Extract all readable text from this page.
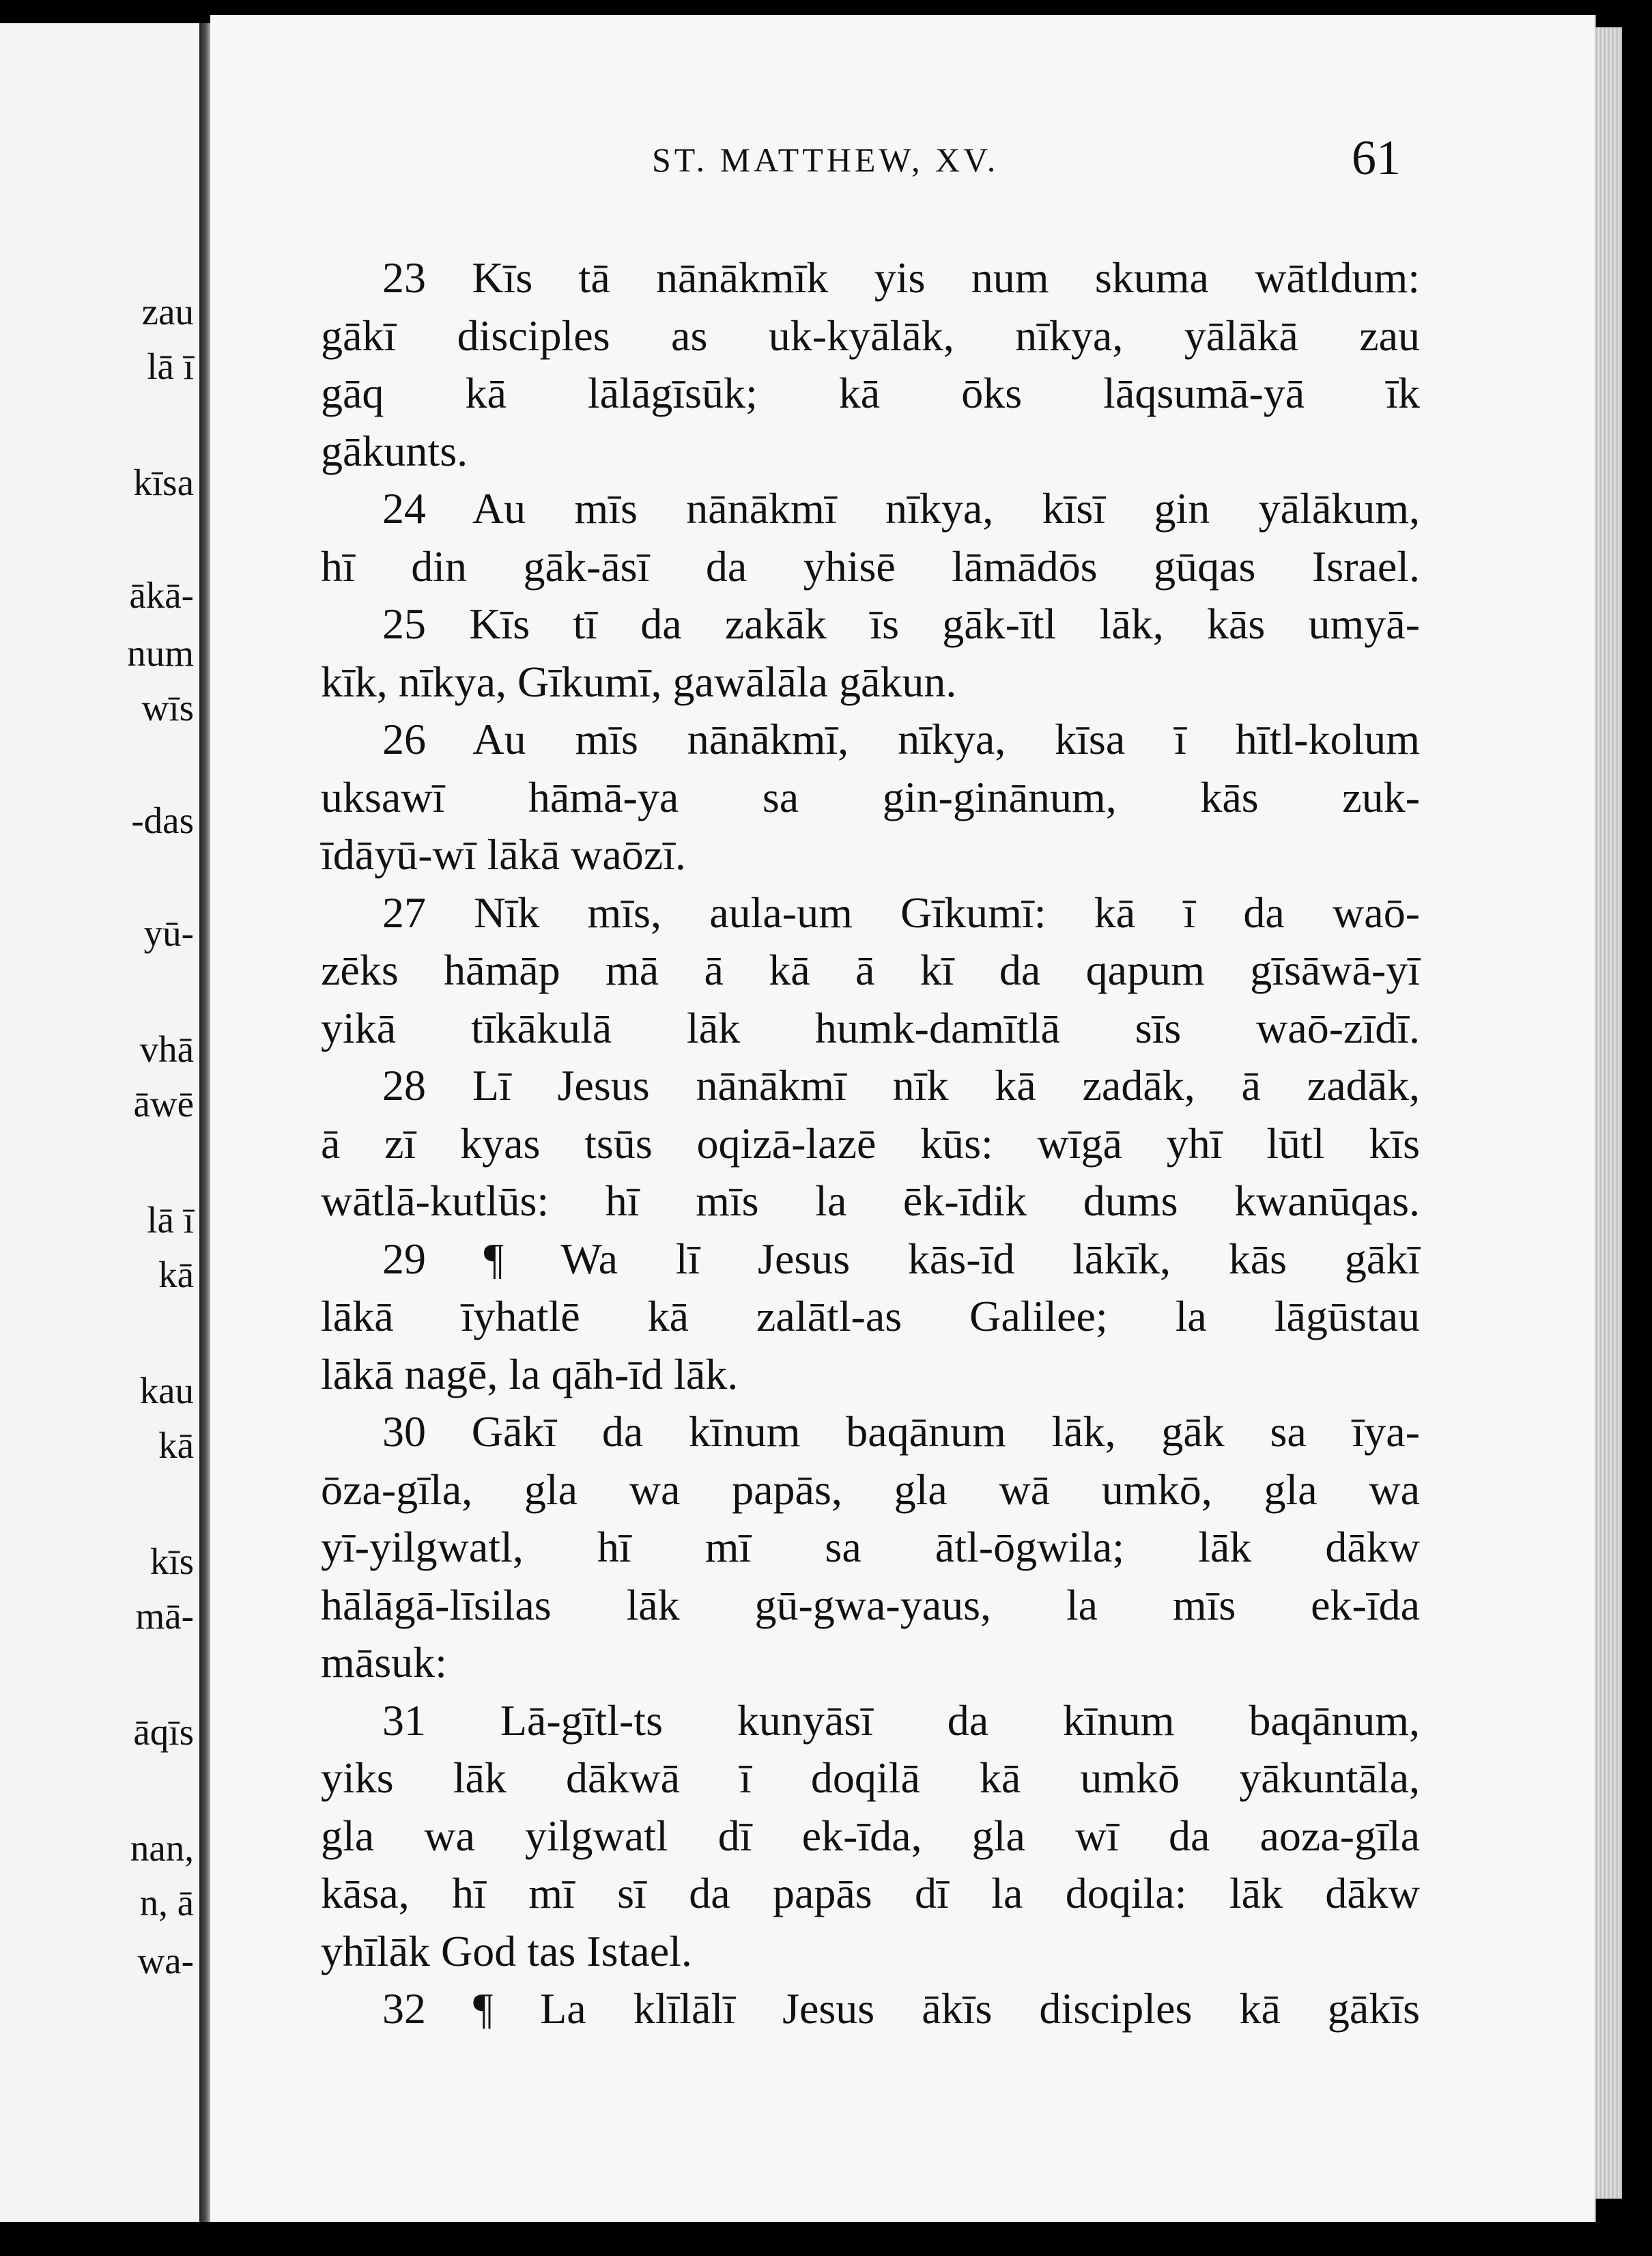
zau
lā ī
kīsa
ākā-
num
wīs
-das
yū-
vhā
āwē
lā ī
kā
kau
kā
kīs
mā-
āqīs
nan,
n, ā
wa-
ST. MATTHEW, XV.	61
23 Kīs tā nānākmīk yis num skuma wātldum:
gākī disciples as uk-kyālāk, nīkya, yālākā zau
gāq kā lālāgīsūk; kā ōks lāqsumā-yā īk
gākunts.
24 Au mīs nānākmī nīkya, kīsī gin yālākum,
hī din gāk-āsī da yhisē lāmādōs gūqas Israel.
25 Kīs tī da zakāk īs gāk-ītl lāk, kās umyā-
kīk, nīkya, Gīkumī, gawālāla gākun.
26 Au mīs nānākmī, nīkya, kīsa ī hītl-kolum
uksawī hāmā-ya sa gin-ginānum, kās zuk-
īdāyū-wī lākā waōzī.
27 Nīk mīs, aula-um Gīkumī: kā ī da waō-
zēks hāmāp mā ā kā ā kī da qapum gīsāwā-yī
yikā tīkākulā lāk humk-damītlā sīs waō-zīdī.
28 Lī Jesus nānākmī nīk kā zadāk, ā zadāk,
ā zī kyas tsūs oqizā-lazē kūs: wīgā yhī lūtl kīs
wātlā-kutlūs: hī mīs la ēk-īdik dums kwanūqas.
29 ¶ Wa lī Jesus kās-īd lākīk, kās gākī
lākā īyhatlē kā zalātl-as Galilee; la lāgūstau
lākā nagē, la qāh-īd lāk.
30 Gākī da kīnum baqānum lāk, gāk sa īya-
ōza-gīla, gla wa papās, gla wā umkō, gla wa
yī-yilgwatl, hī mī sa ātl-ōgwila; lāk dākw
hālāgā-līsilas lāk gū-gwa-yaus, la mīs ek-īda
māsuk:
31 Lā-gītl-ts kunyāsī da kīnum baqānum,
yiks lāk dākwā ī doqilā kā umkō yākuntāla,
gla wa yilgwatl dī ek-īda, gla wī da aoza-gīla
kāsa, hī mī sī da papās dī la doqila: lāk dākw
yhīlāk God tas Istael.
32 ¶ La klīlālī Jesus ākīs disciples kā gākīs
